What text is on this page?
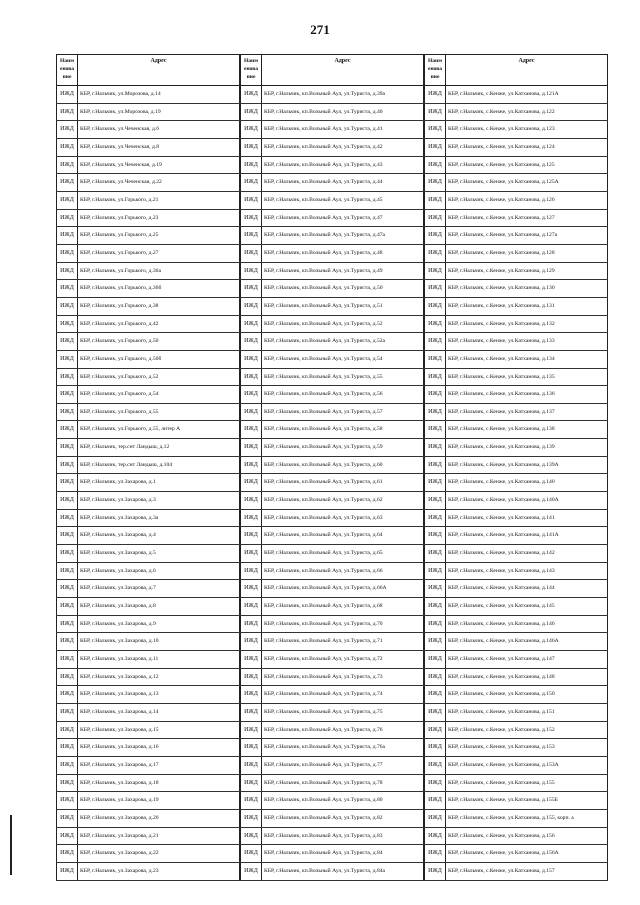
271
Наим енова ние
Адрес
ИЖД	КБР, г.Нальчик, ул.Морозова, д.14
ИЖД	КБР, г.Нальчик, ул.Морозова, д.19
ИЖД	КБР, г.Нальчик, ул.Чеченская, д.6
ИЖД	КБР, г.Нальчик, ул.Чеченская, д.8
ИЖД	КБР, г.Нальчик, ул.Чеченская, д.19
ИЖД	КБР, г.Нальчик, ул.Чеченская, д.22
ИЖД	КБР, г.Нальчик, ул.Горького, д.21
ИЖД	КБР, г.Нальчик, ул.Горького, д.23
ИЖД	КБР, г.Нальчик, ул.Горького, д.25
ИЖД	КБР, г.Нальчик, ул.Горького, д.27
ИЖД	КБР, г.Нальчик, ул.Горького, д.36а
ИЖД	КБР, г.Нальчик, ул.Горького, д.36б
ИЖД	КБР, г.Нальчик, ул.Горького, д.38
ИЖД	КБР, г.Нальчик, ул.Горького, д.42
ИЖД	КБР, г.Нальчик, ул.Горького, д.50
ИЖД	КБР, г.Нальчик, ул.Горького, д.50б
ИЖД	КБР, г.Нальчик, ул.Горького, д.52
ИЖД	КБР, г.Нальчик, ул.Горького, д.54
ИЖД	КБР, г.Нальчик, ул.Горького, д.55
ИЖД	КБР, г.Нальчик, ул.Горького, д.55, литер А
ИЖД	КБР, г.Нальчик, тер.снт Ландыш, д.12
ИЖД	КБР, г.Нальчик, тер.снт Ландыш, д.104
ИЖД	КБР, г.Нальчик, ул.Захарова, д.1
ИЖД	КБР, г.Нальчик, ул.Захарова, д.3
ИЖД	КБР, г.Нальчик, ул.Захарова, д.3а
ИЖД	КБР, г.Нальчик, ул.Захарова, д.4
ИЖД	КБР, г.Нальчик, ул.Захарова, д.5
ИЖД	КБР, г.Нальчик, ул.Захарова, д.6
ИЖД	КБР, г.Нальчик, ул.Захарова, д.7
ИЖД	КБР, г.Нальчик, ул.Захарова, д.8
ИЖД	КБР, г.Нальчик, ул.Захарова, д.9
ИЖД	КБР, г.Нальчик, ул.Захарова, д.10
ИЖД	КБР, г.Нальчик, ул.Захарова, д.11
ИЖД	КБР, г.Нальчик, ул.Захарова, д.12
ИЖД	КБР, г.Нальчик, ул.Захарова, д.13
ИЖД	КБР, г.Нальчик, ул.Захарова, д.14
ИЖД	КБР, г.Нальчик, ул.Захарова, д.15
ИЖД	КБР, г.Нальчик, ул.Захарова, д.16
ИЖД	КБР, г.Нальчик, ул.Захарова, д.17
ИЖД	КБР, г.Нальчик, ул.Захарова, д.18
ИЖД	КБР, г.Нальчик, ул.Захарова, д.19
ИЖД	КБР, г.Нальчик, ул.Захарова, д.20
ИЖД	КБР, г.Нальчик, ул.Захарова, д.21
ИЖД	КБР, г.Нальчик, ул.Захарова, д.22
ИЖД	КБР, г.Нальчик, ул.Захарова, д.23
Наим енова ние
Адрес
ИЖД	КБР, г.Нальчик, кп.Вольный Аул, ул.Туриста, д.39а
ИЖД	КБР, г.Нальчик, кп.Вольный Аул, ул.Туриста, д.40
ИЖД	КБР, г.Нальчик, кп.Вольный Аул, ул.Туриста, д.41
ИЖД	КБР, г.Нальчик, кп.Вольный Аул, ул.Туриста, д.42
ИЖД	КБР, г.Нальчик, кп.Вольный Аул, ул.Туриста, д.43
ИЖД	КБР, г.Нальчик, кп.Вольный Аул, ул.Туриста, д.44
ИЖД	КБР, г.Нальчик, кп.Вольный Аул, ул.Туриста, д.45
ИЖД	КБР, г.Нальчик, кп.Вольный Аул, ул.Туриста, д.47
ИЖД	КБР, г.Нальчик, кп.Вольный Аул, ул.Туриста, д.47а
ИЖД	КБР, г.Нальчик, кп.Вольный Аул, ул.Туриста, д.48
ИЖД	КБР, г.Нальчик, кп.Вольный Аул, ул.Туриста, д.49
ИЖД	КБР, г.Нальчик, кп.Вольный Аул, ул.Туриста, д.50
ИЖД	КБР, г.Нальчик, кп.Вольный Аул, ул.Туриста, д.51
ИЖД	КБР, г.Нальчик, кп.Вольный Аул, ул.Туриста, д.52
ИЖД	КБР, г.Нальчик, кп.Вольный Аул, ул.Туриста, д.52а
ИЖД	КБР, г.Нальчик, кп.Вольный Аул, ул.Туриста, д.54
ИЖД	КБР, г.Нальчик, кп.Вольный Аул, ул.Туриста, д.55
ИЖД	КБР, г.Нальчик, кп.Вольный Аул, ул.Туриста, д.56
ИЖД	КБР, г.Нальчик, кп.Вольный Аул, ул.Туриста, д.57
ИЖД	КБР, г.Нальчик, кп.Вольный Аул, ул.Туриста, д.58
ИЖД	КБР, г.Нальчик, кп.Вольный Аул, ул.Туриста, д.59
ИЖД	КБР, г.Нальчик, кп.Вольный Аул, ул.Туриста, д.60
ИЖД	КБР, г.Нальчик, кп.Вольный Аул, ул.Туриста, д.61
ИЖД	КБР, г.Нальчик, кп.Вольный Аул, ул.Туриста, д.62
ИЖД	КБР, г.Нальчик, кп.Вольный Аул, ул.Туриста, д.63
ИЖД	КБР, г.Нальчик, кп.Вольный Аул, ул.Туриста, д.64
ИЖД	КБР, г.Нальчик, кп.Вольный Аул, ул.Туриста, д.65
ИЖД	КБР, г.Нальчик, кп.Вольный Аул, ул.Туриста, д.66
ИЖД	КБР, г.Нальчик, кп.Вольный Аул, ул.Туриста, д.66А
ИЖД	КБР, г.Нальчик, кп.Вольный Аул, ул.Туриста, д.68
ИЖД	КБР, г.Нальчик, кп.Вольный Аул, ул.Туриста, д.70
ИЖД	КБР, г.Нальчик, кп.Вольный Аул, ул.Туриста, д.71
ИЖД	КБР, г.Нальчик, кп.Вольный Аул, ул.Туриста, д.72
ИЖД	КБР, г.Нальчик, кп.Вольный Аул, ул.Туриста, д.73
ИЖД	КБР, г.Нальчик, кп.Вольный Аул, ул.Туриста, д.74
ИЖД	КБР, г.Нальчик, кп.Вольный Аул, ул.Туриста, д.75
ИЖД	КБР, г.Нальчик, кп.Вольный Аул, ул.Туриста, д.76
ИЖД	КБР, г.Нальчик, кп.Вольный Аул, ул.Туриста, д.76а
ИЖД	КБР, г.Нальчик, кп.Вольный Аул, ул.Туриста, д.77
ИЖД	КБР, г.Нальчик, кп.Вольный Аул, ул.Туриста, д.78
ИЖД	КБР, г.Нальчик, кп.Вольный Аул, ул.Туриста, д.80
ИЖД	КБР, г.Нальчик, кп.Вольный Аул, ул.Туриста, д.82
ИЖД	КБР, г.Нальчик, кп.Вольный Аул, ул.Туриста, д.83
ИЖД	КБР, г.Нальчик, кп.Вольный Аул, ул.Туриста, д.84
ИЖД	КБР, г.Нальчик, кп.Вольный Аул, ул.Туриста, д.84а
Наим енова ние
Адрес
ИЖД	КБР, г.Нальчик, с.Кенже, ул.Катханова, д.121А
ИЖД	КБР, г.Нальчик, с.Кенже, ул.Катханова, д.122
ИЖД	КБР, г.Нальчик, с.Кенже, ул.Катханова, д.123
ИЖД	КБР, г.Нальчик, с.Кенже, ул.Катханова, д.124
ИЖД	КБР, г.Нальчик, с.Кенже, ул.Катханова, д.125
ИЖД	КБР, г.Нальчик, с.Кенже, ул.Катханова, д.125А
ИЖД	КБР, г.Нальчик, с.Кенже, ул.Катханова, д.126
ИЖД	КБР, г.Нальчик, с.Кенже, ул.Катханова, д.127
ИЖД	КБР, г.Нальчик, с.Кенже, ул.Катханова, д.127а
ИЖД	КБР, г.Нальчик, с.Кенже, ул.Катханова, д.128
ИЖД	КБР, г.Нальчик, с.Кенже, ул.Катханова, д.129
ИЖД	КБР, г.Нальчик, с.Кенже, ул.Катханова, д.130
ИЖД	КБР, г.Нальчик, с.Кенже, ул.Катханова, д.131
ИЖД	КБР, г.Нальчик, с.Кенже, ул.Катханова, д.132
ИЖД	КБР, г.Нальчик, с.Кенже, ул.Катханова, д.133
ИЖД	КБР, г.Нальчик, с.Кенже, ул.Катханова, д.134
ИЖД	КБР, г.Нальчик, с.Кенже, ул.Катханова, д.135
ИЖД	КБР, г.Нальчик, с.Кенже, ул.Катханова, д.136
ИЖД	КБР, г.Нальчик, с.Кенже, ул.Катханова, д.137
ИЖД	КБР, г.Нальчик, с.Кенже, ул.Катханова, д.138
ИЖД	КБР, г.Нальчик, с.Кенже, ул.Катханова, д.139
ИЖД	КБР, г.Нальчик, с.Кенже, ул.Катханова, д.139А
ИЖД	КБР, г.Нальчик, с.Кенже, ул.Катханова, д.140
ИЖД	КБР, г.Нальчик, с.Кенже, ул.Катханова, д.140А
ИЖД	КБР, г.Нальчик, с.Кенже, ул.Катханова, д.141
ИЖД	КБР, г.Нальчик, с.Кенже, ул.Катханова, д.141А
ИЖД	КБР, г.Нальчик, с.Кенже, ул.Катханова, д.142
ИЖД	КБР, г.Нальчик, с.Кенже, ул.Катханова, д.143
ИЖД	КБР, г.Нальчик, с.Кенже, ул.Катханова, д.144
ИЖД	КБР, г.Нальчик, с.Кенже, ул.Катханова, д.145
ИЖД	КБР, г.Нальчик, с.Кенже, ул.Катханова, д.146
ИЖД	КБР, г.Нальчик, с.Кенже, ул.Катханова, д.146А
ИЖД	КБР, г.Нальчик, с.Кенже, ул.Катханова, д.147
ИЖД	КБР, г.Нальчик, с.Кенже, ул.Катханова, д.148
ИЖД	КБР, г.Нальчик, с.Кенже, ул.Катханова, д.150
ИЖД	КБР, г.Нальчик, с.Кенже, ул.Катханова, д.151
ИЖД	КБР, г.Нальчик, с.Кенже, ул.Катханова, д.152
ИЖД	КБР, г.Нальчик, с.Кенже, ул.Катханова, д.153
ИЖД	КБР, г.Нальчик, с.Кенже, ул.Катханова, д.153А
ИЖД	КБР, г.Нальчик, с.Кенже, ул.Катханова, д.155
ИЖД	КБР, г.Нальчик, с.Кенже, ул.Катханова, д.155Б
ИЖД	КБР, г.Нальчик, с.Кенже, ул.Катханова, д.155, корп. а
ИЖД	КБР, г.Нальчик, с.Кенже, ул.Катханова, д.156
ИЖД	КБР, г.Нальчик, с.Кенже, ул.Катханова, д.156А
ИЖД	КБР, г.Нальчик, с.Кенже, ул.Катханова, д.157
